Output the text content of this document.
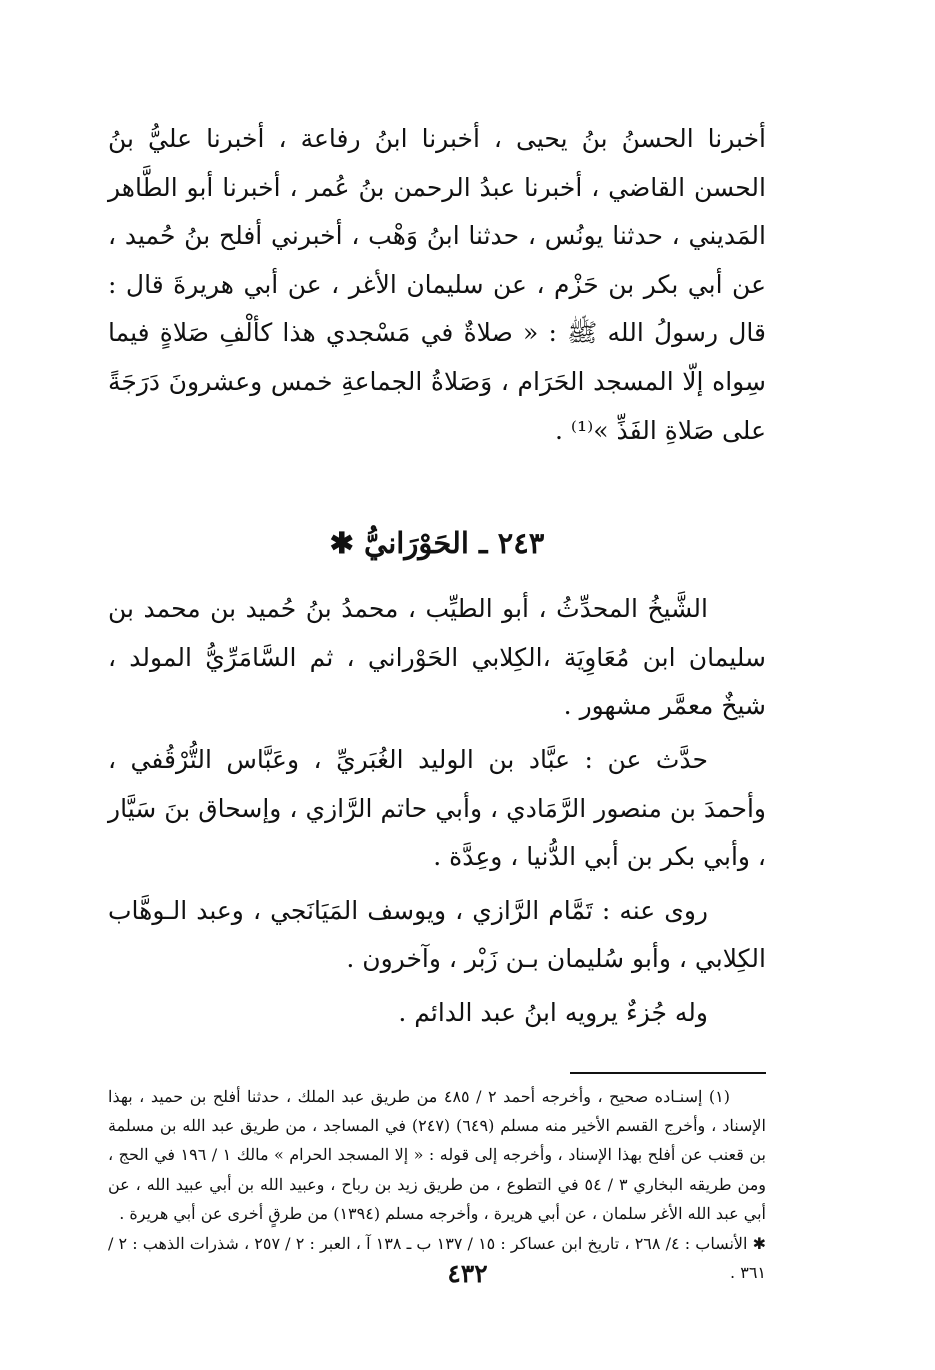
أخبرنا الحسنُ بنُ يحيى ، أخبرنا ابنُ رفاعة ، أخبرنا عليُّ بنُ الحسن القاضي ، أخبرنا عبدُ الرحمن بنُ عُمر ، أخبرنا أبو الطَّاهر المَديني ، حدثنا يونُس ، حدثنا ابنُ وَهْب ، أخبرني أفلح بنُ حُميد ، عن أبي بكر بن حَزْم ، عن سليمان الأغر ، عن أبي هريرةَ قال : قال رسولُ الله ﷺ : « صلاةٌ في مَسْجدي هذا كألْفِ صَلاةٍ فيما سِواه إلّا المسجد الحَرَام ، وَصَلاةُ الجماعةِ خمس وعشرونَ دَرَجَةً على صَلاةِ الفَذِّ »⁽¹⁾ .

٢٤٣ ـ الحَوْرَانيُّ ✱

الشَّيخُ المحدِّثُ ، أبو الطيِّب ، محمدُ بنُ حُميد بن محمد بن سليمان ابن مُعَاوِيَة ،الكِلابي الحَوْراني ، ثم السَّامَرِّيُّ المولد ، شيخٌ معمَّر مشهور .

حدَّث عن : عبَّاد بن الوليد الغُبَريِّ ، وعَبَّاس التُّرْقُفي ، وأحمدَ بن منصور الرَّمَادي ، وأبي حاتم الرَّازي ، وإسحاق بنَ سَيَّار ، وأبي بكر بن أبي الدُّنيا ، وعِدَّة .

روى عنه : تَمَّام الرَّازي ، ويوسف المَيَانَجي ، وعبد الـوهَّاب الكِلابي ، وأبو سُليمان بـن زَبْر ، وآخرون .

وله جُزءٌ يرويه ابنُ عبد الدائم .

(١) إسنـاده صحيح ، وأخرجه أحمد ٢ / ٤٨٥ من طريق عبد الملك ، حدثنا أفلح بن حميد ، بهذا الإسناد ، وأخرج القسم الأخير منه مسلم (٦٤٩) (٢٤٧) في المساجد ، من طريق عبد الله بن مسلمة بن قعنب عن أفلح بهذا الإسناد ، وأخرجه إلى قوله : « إلا المسجد الحرام » مالك ١ / ١٩٦ في الحج ، ومن طريقه البخاري ٣ / ٥٤ في التطوع ، من طريق زيد بن رباح ، وعبيد الله بن أبي عبيد الله ، عن أبي عبد الله الأغر سلمان ، عن أبي هريرة ، وأخرجه مسلم (١٣٩٤) من طرقٍ أخرى عن أبي هريرة .

✱ الأنساب : ٤/ ٢٦٨ ، تاريخ ابن عساكر : ١٥ / ١٣٧ ب ـ ١٣٨ آ ، العبر : ٢ / ٢٥٧ ، شذرات الذهب : ٢ / ٣٦١ .

٤٣٢
